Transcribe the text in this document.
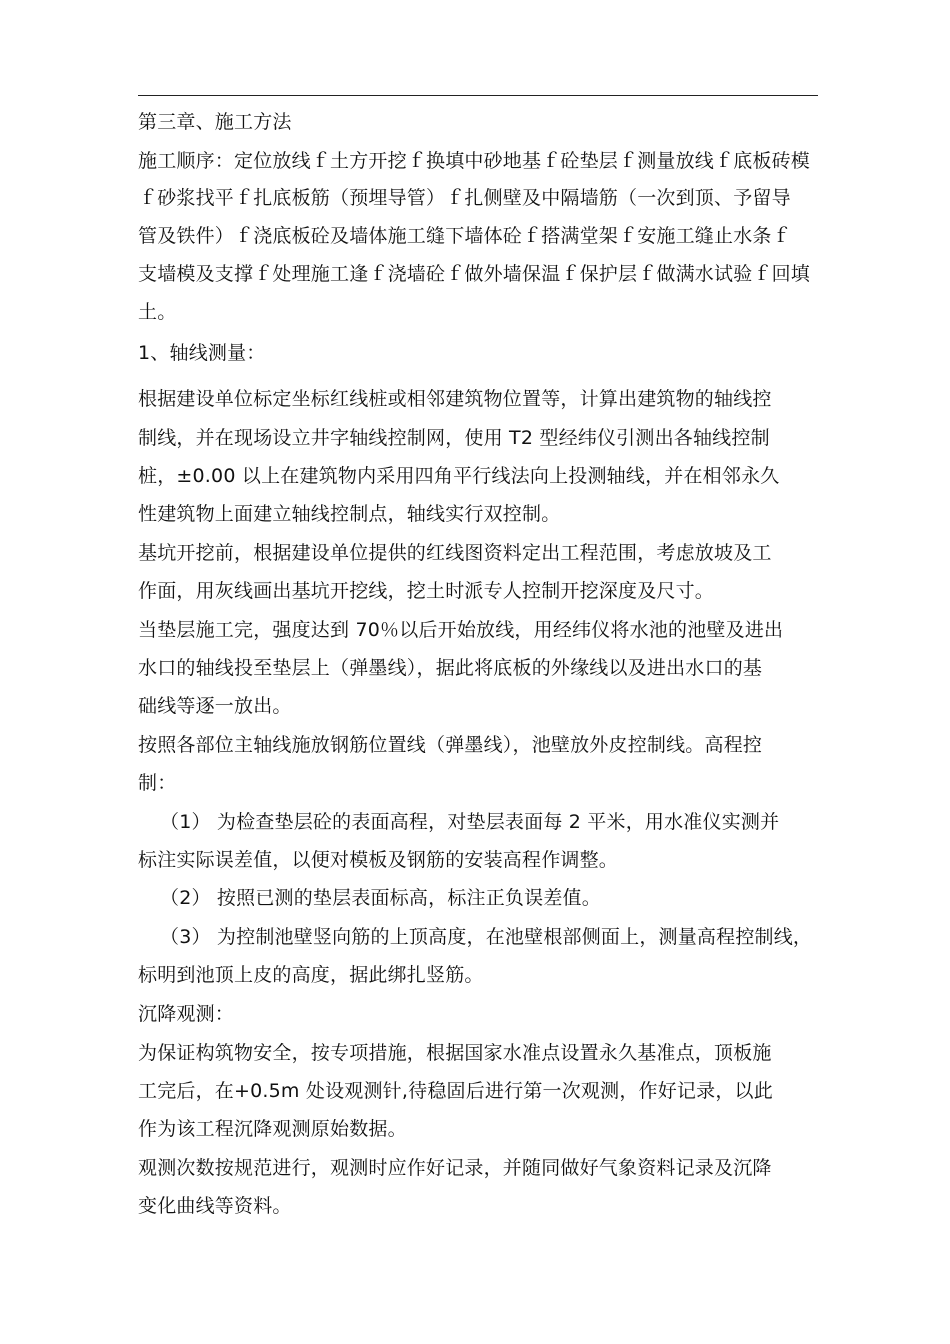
第三章、施工方法
施工顺序：定位放线ｆ土方开挖ｆ换填中砂地基ｆ砼垫层ｆ测量放线ｆ底板砖模
ｆ砂浆找平ｆ扎底板筋（预埋导管）ｆ扎侧壁及中隔墙筋（一次到顶、予留导
管及铁件）ｆ浇底板砼及墙体施工缝下墙体砼ｆ搭满堂架ｆ安施工缝止水条ｆ
支墙模及支撑ｆ处理施工逢ｆ浇墙砼ｆ做外墙保温ｆ保护层ｆ做满水试验ｆ回填
土。
1、轴线测量：
根据建设单位标定坐标红线桩或相邻建筑物位置等，计算出建筑物的轴线控
制线，并在现场设立井字轴线控制网，使用 T2 型经纬仪引测出各轴线控制
桩，±0.00 以上在建筑物内采用四角平行线法向上投测轴线，并在相邻永久
性建筑物上面建立轴线控制点，轴线实行双控制。
基坑开挖前，根据建设单位提供的红线图资料定出工程范围，考虑放坡及工
作面，用灰线画出基坑开挖线，挖土时派专人控制开挖深度及尺寸。
当垫层施工完，强度达到 70％以后开始放线，用经纬仪将水池的池壁及进出
水口的轴线投至垫层上（弹墨线），据此将底板的外缘线以及进出水口的基
础线等逐一放出。
按照各部位主轴线施放钢筋位置线（弹墨线），池壁放外皮控制线。高程控
制：
（1） 为检查垫层砼的表面高程，对垫层表面每 2 平米，用水准仪实测并
标注实际误差值，以便对模板及钢筋的安装高程作调整。
（2） 按照已测的垫层表面标高，标注正负误差值。
（3） 为控制池壁竖向筋的上顶高度，在池壁根部侧面上，测量高程控制线，
标明到池顶上皮的高度，据此绑扎竖筋。
沉降观测：
为保证构筑物安全，按专项措施，根据国家水准点设置永久基准点，顶板施
工完后，在+0.5m 处设观测针,待稳固后进行第一次观测，作好记录，以此
作为该工程沉降观测原始数据。
观测次数按规范进行，观测时应作好记录，并随同做好气象资料记录及沉降
变化曲线等资料。
